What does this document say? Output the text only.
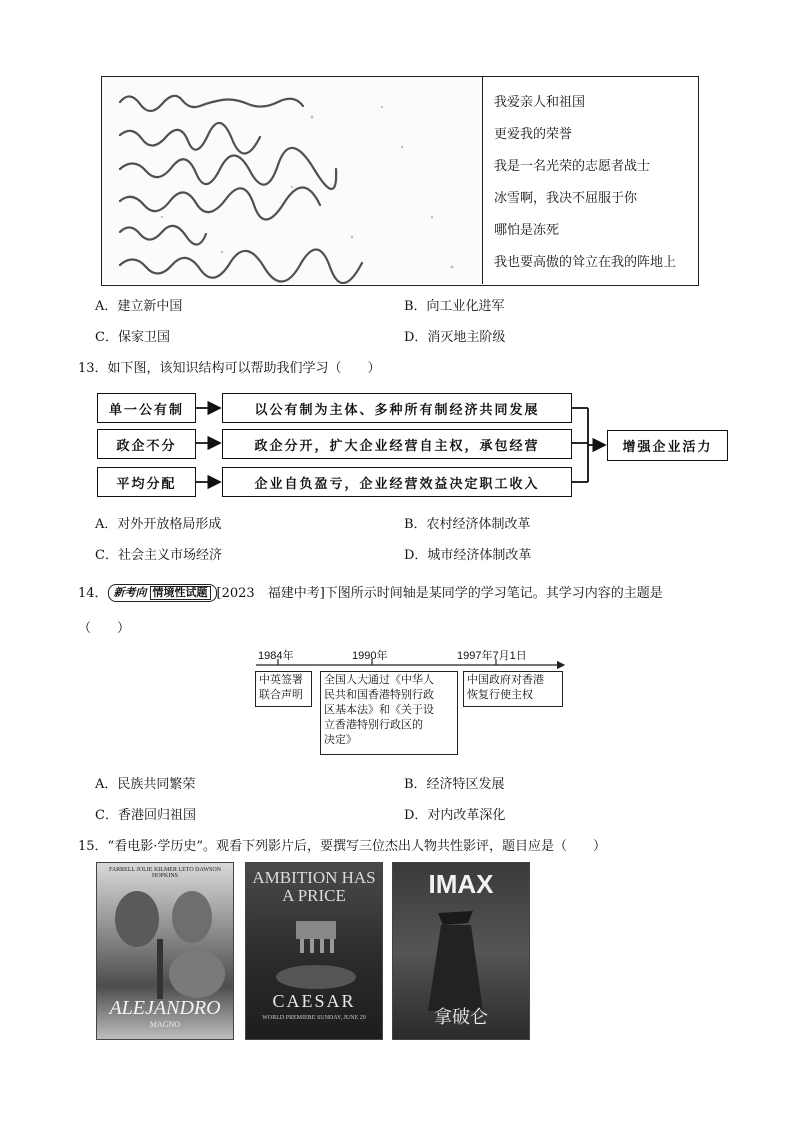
我爱亲人和祖国
更爱我的荣誉
我是一名光荣的志愿者战士
冰雪啊，我决不屈服于你
哪怕是冻死
我也要高傲的耸立在我的阵地上
A．建立新中国	B．向工业化进军
C．保家卫国	D．消灭地主阶级
13．如下图，该知识结构可以帮助我们学习（　　）
单一公有制
政企不分
平均分配
以公有制为主体、多种所有制经济共同发展
政企分开，扩大企业经营自主权，承包经营
企业自负盈亏，企业经营效益决定职工收入
增强企业活力
A．对外开放格局形成	B．农村经济体制改革
C．社会主义市场经济	D．城市经济体制改革
14． 新考向 情境性试题 [2023　福建中考]下图所示时间轴是某同学的学习笔记。其学习内容的主题是
（　　）
1984年	1990年	1997年7月1日
中英签署
联合声明
全国人大通过《中华人
民共和国香港特别行政
区基本法》和《关于设
立香港特别行政区的
决定》
中国政府对香港
恢复行使主权
A．民族共同繁荣	B．经济特区发展
C．香港回归祖国	D．对内改革深化
15．“看电影·学历史”。观看下列影片后，要撰写三位杰出人物共性影评，题目应是（　　）
FARRELL JOLIE KILMER LETO DAWSON HOPKINS
ALEJANDRO
MAGNO
AMBITION HAS A PRICE
CAESAR
WORLD PREMIERE SUNDAY, JUNE 29
IMAX
拿破仑
